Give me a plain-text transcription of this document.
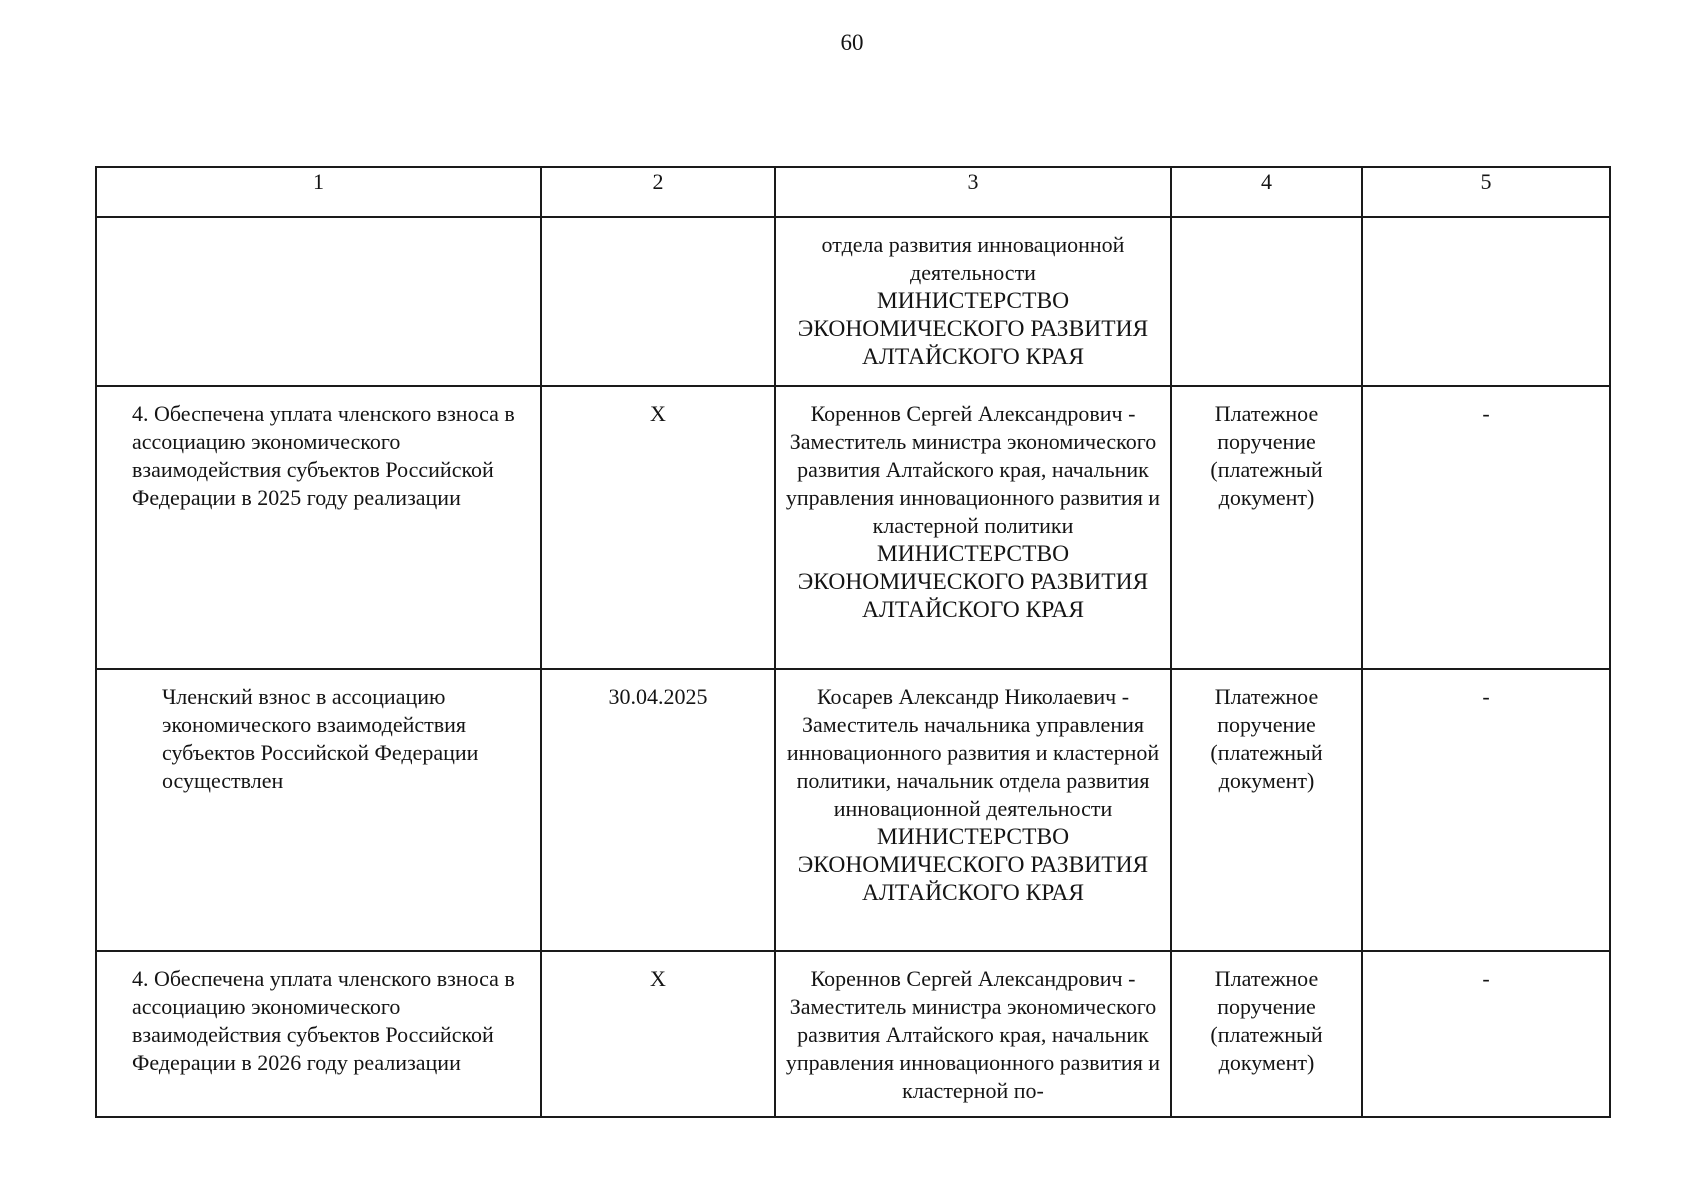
60
1	2	3	4	5

		отдела развития инновационной деятельности
МИНИСТЕРСТВО ЭКОНОМИЧЕСКОГО РАЗВИТИЯ АЛТАЙСКОГО КРАЯ		

4. Обеспечена уплата членского взноса в ассоциацию экономического взаимодействия субъектов Российской Федерации в 2025 году реализации	X	Кореннов Сергей Александрович - Заместитель министра экономического развития Алтайского края, начальник управления инновационного развития и кластерной политики
МИНИСТЕРСТВО ЭКОНОМИЧЕСКОГО РАЗВИТИЯ АЛТАЙСКОГО КРАЯ	Платежное поручение (платежный документ)	-
Членский взнос в ассоциацию экономического взаимодействия субъектов Российской Федерации осуществлен	30.04.2025	Косарев Александр Николаевич - Заместитель начальника управления инновационного развития и кластерной политики, начальник отдела развития инновационной деятельности
МИНИСТЕРСТВО ЭКОНОМИЧЕСКОГО РАЗВИТИЯ АЛТАЙСКОГО КРАЯ	Платежное поручение (платежный документ)	-
4. Обеспечена уплата членского взноса в ассоциацию экономического взаимодействия субъектов Российской Федерации в 2026 году реализации	X	Кореннов Сергей Александрович - Заместитель министра экономического развития Алтайского края, начальник управления инновационного развития и кластерной по-	Платежное поручение (платежный документ)	-
